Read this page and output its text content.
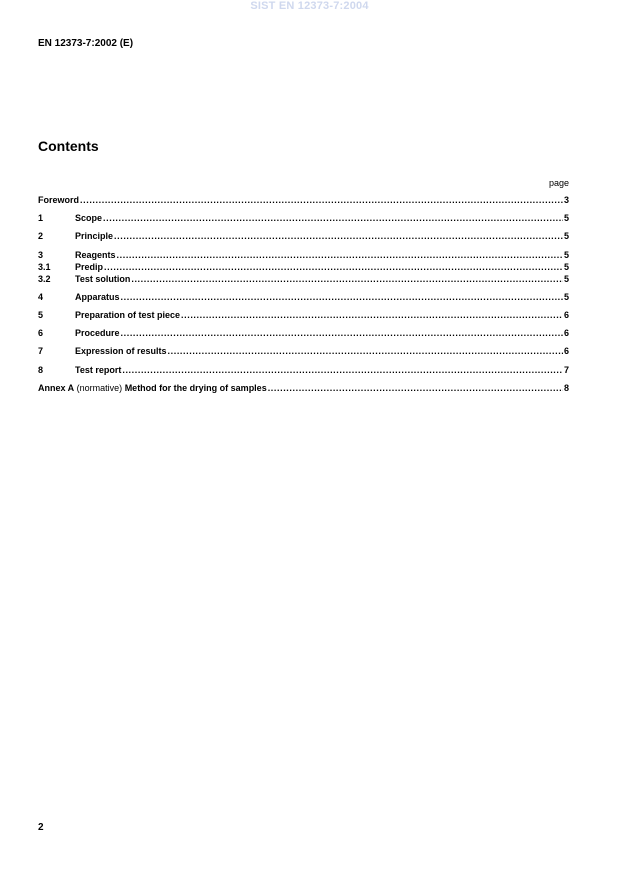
SIST EN 12373-7:2004
EN 12373-7:2002 (E)
Contents
page
Foreword .....	3
1	Scope .....	5
2	Principle .....	5
3	Reagents .....	5
3.1	Predip .....	5
3.2	Test solution .....	5
4	Apparatus .....	5
5	Preparation of test piece .....	6
6	Procedure .....	6
7	Expression of results .....	6
8	Test report .....	7
Annex A (normative) Method for the drying of samples .....	8
2
